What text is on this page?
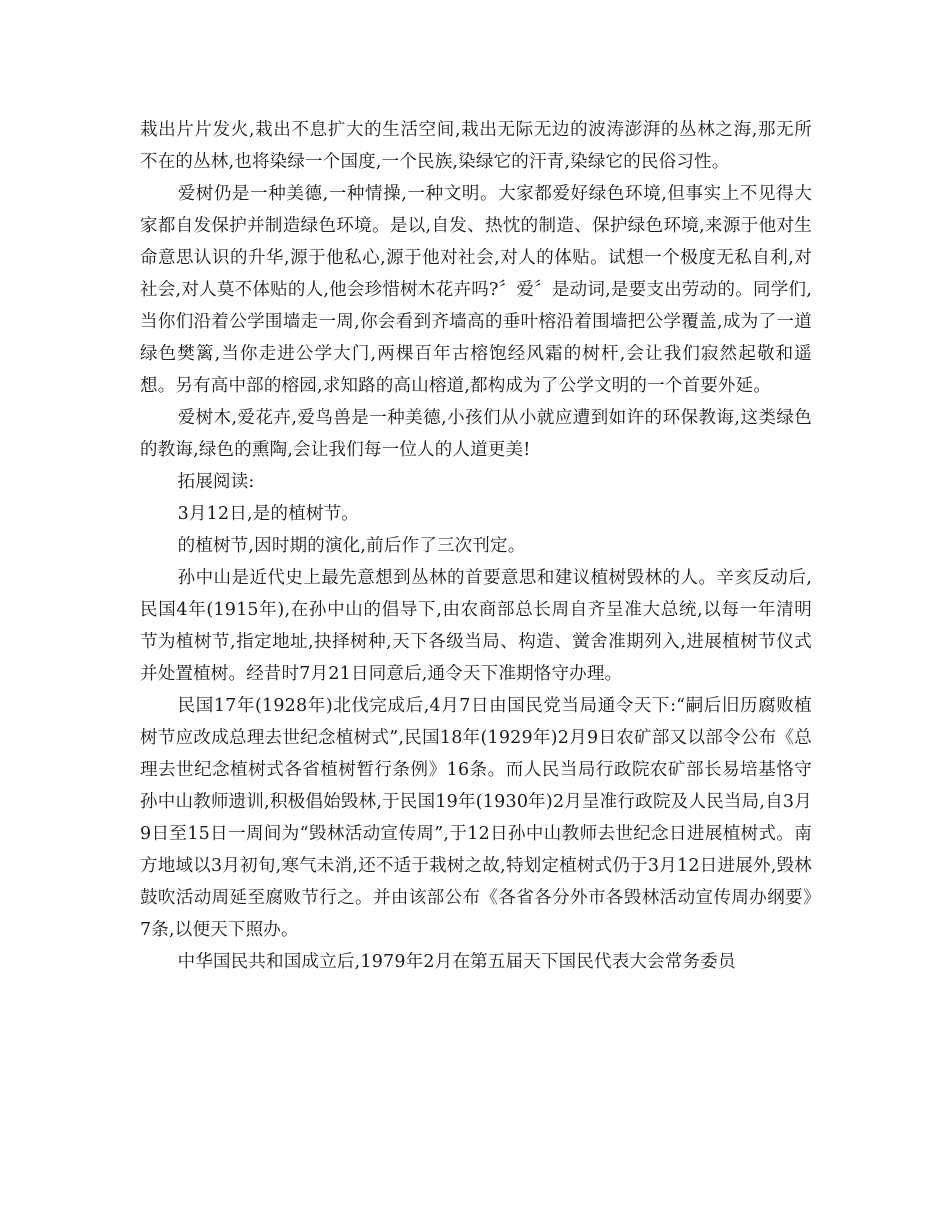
栽出片片发火,栽出不息扩大的生活空间,栽出无际无边的波涛澎湃的丛林之海,那无所不在的丛林,也将染绿一个国度,一个民族,染绿它的汗青,染绿它的民俗习性。

爱树仍是一种美德,一种情操,一种文明。大家都爱好绿色环境,但事实上不见得大家都自发保护并制造绿色环境。是以,自发、热忱的制造、保护绿色环境,来源于他对生命意思认识的升华,源于他私心,源于他对社会,对人的体贴。试想一个极度无私自利,对社会,对人莫不体贴的人,他会珍惜树木花卉吗?〞爱〞是动词,是要支出劳动的。同学们,当你们沿着公学围墙走一周,你会看到齐墙高的垂叶榕沿着围墙把公学覆盖,成为了一道绿色樊篱,当你走进公学大门,两棵百年古榕饱经风霜的树杆,会让我们寂然起敬和遥想。另有高中部的榕园,求知路的高山榕道,都构成为了公学文明的一个首要外延。

爱树木,爱花卉,爱鸟兽是一种美德,小孩们从小就应遭到如许的环保教诲,这类绿色的教诲,绿色的熏陶,会让我们每一位人的人道更美!

拓展阅读:

3月12日,是的植树节。

的植树节,因时期的演化,前后作了三次刊定。

孙中山是近代史上最先意想到丛林的首要意思和建议植树毁林的人。辛亥反动后,民国4年(1915年),在孙中山的倡导下,由农商部总长周自齐呈准大总统,以每一年清明节为植树节,指定地址,抉择树种,天下各级当局、构造、黉舍准期列入,进展植树节仪式并处置植树。经昔时7月21日同意后,通令天下准期恪守办理。

民国17年(1928年)北伐完成后,4月7日由国民党当局通令天下:“嗣后旧历腐败植树节应改成总理去世纪念植树式”,民国18年(1929年)2月9日农矿部又以部令公布《总理去世纪念植树式各省植树暂行条例》16条。而人民当局行政院农矿部长易培基恪守孙中山教师遗训,积极倡始毁林,于民国19年(1930年)2月呈准行政院及人民当局,自3月9日至15日一周间为“毁林活动宣传周”,于12日孙中山教师去世纪念日进展植树式。南方地域以3月初旬,寒气未消,还不适于栽树之故,特划定植树式仍于3月12日进展外,毁林鼓吹活动周延至腐败节行之。并由该部公布《各省各分外市各毁林活动宣传周办纲要》7条,以便天下照办。

中华国民共和国成立后,1979年2月在第五届天下国民代表大会常务委员
